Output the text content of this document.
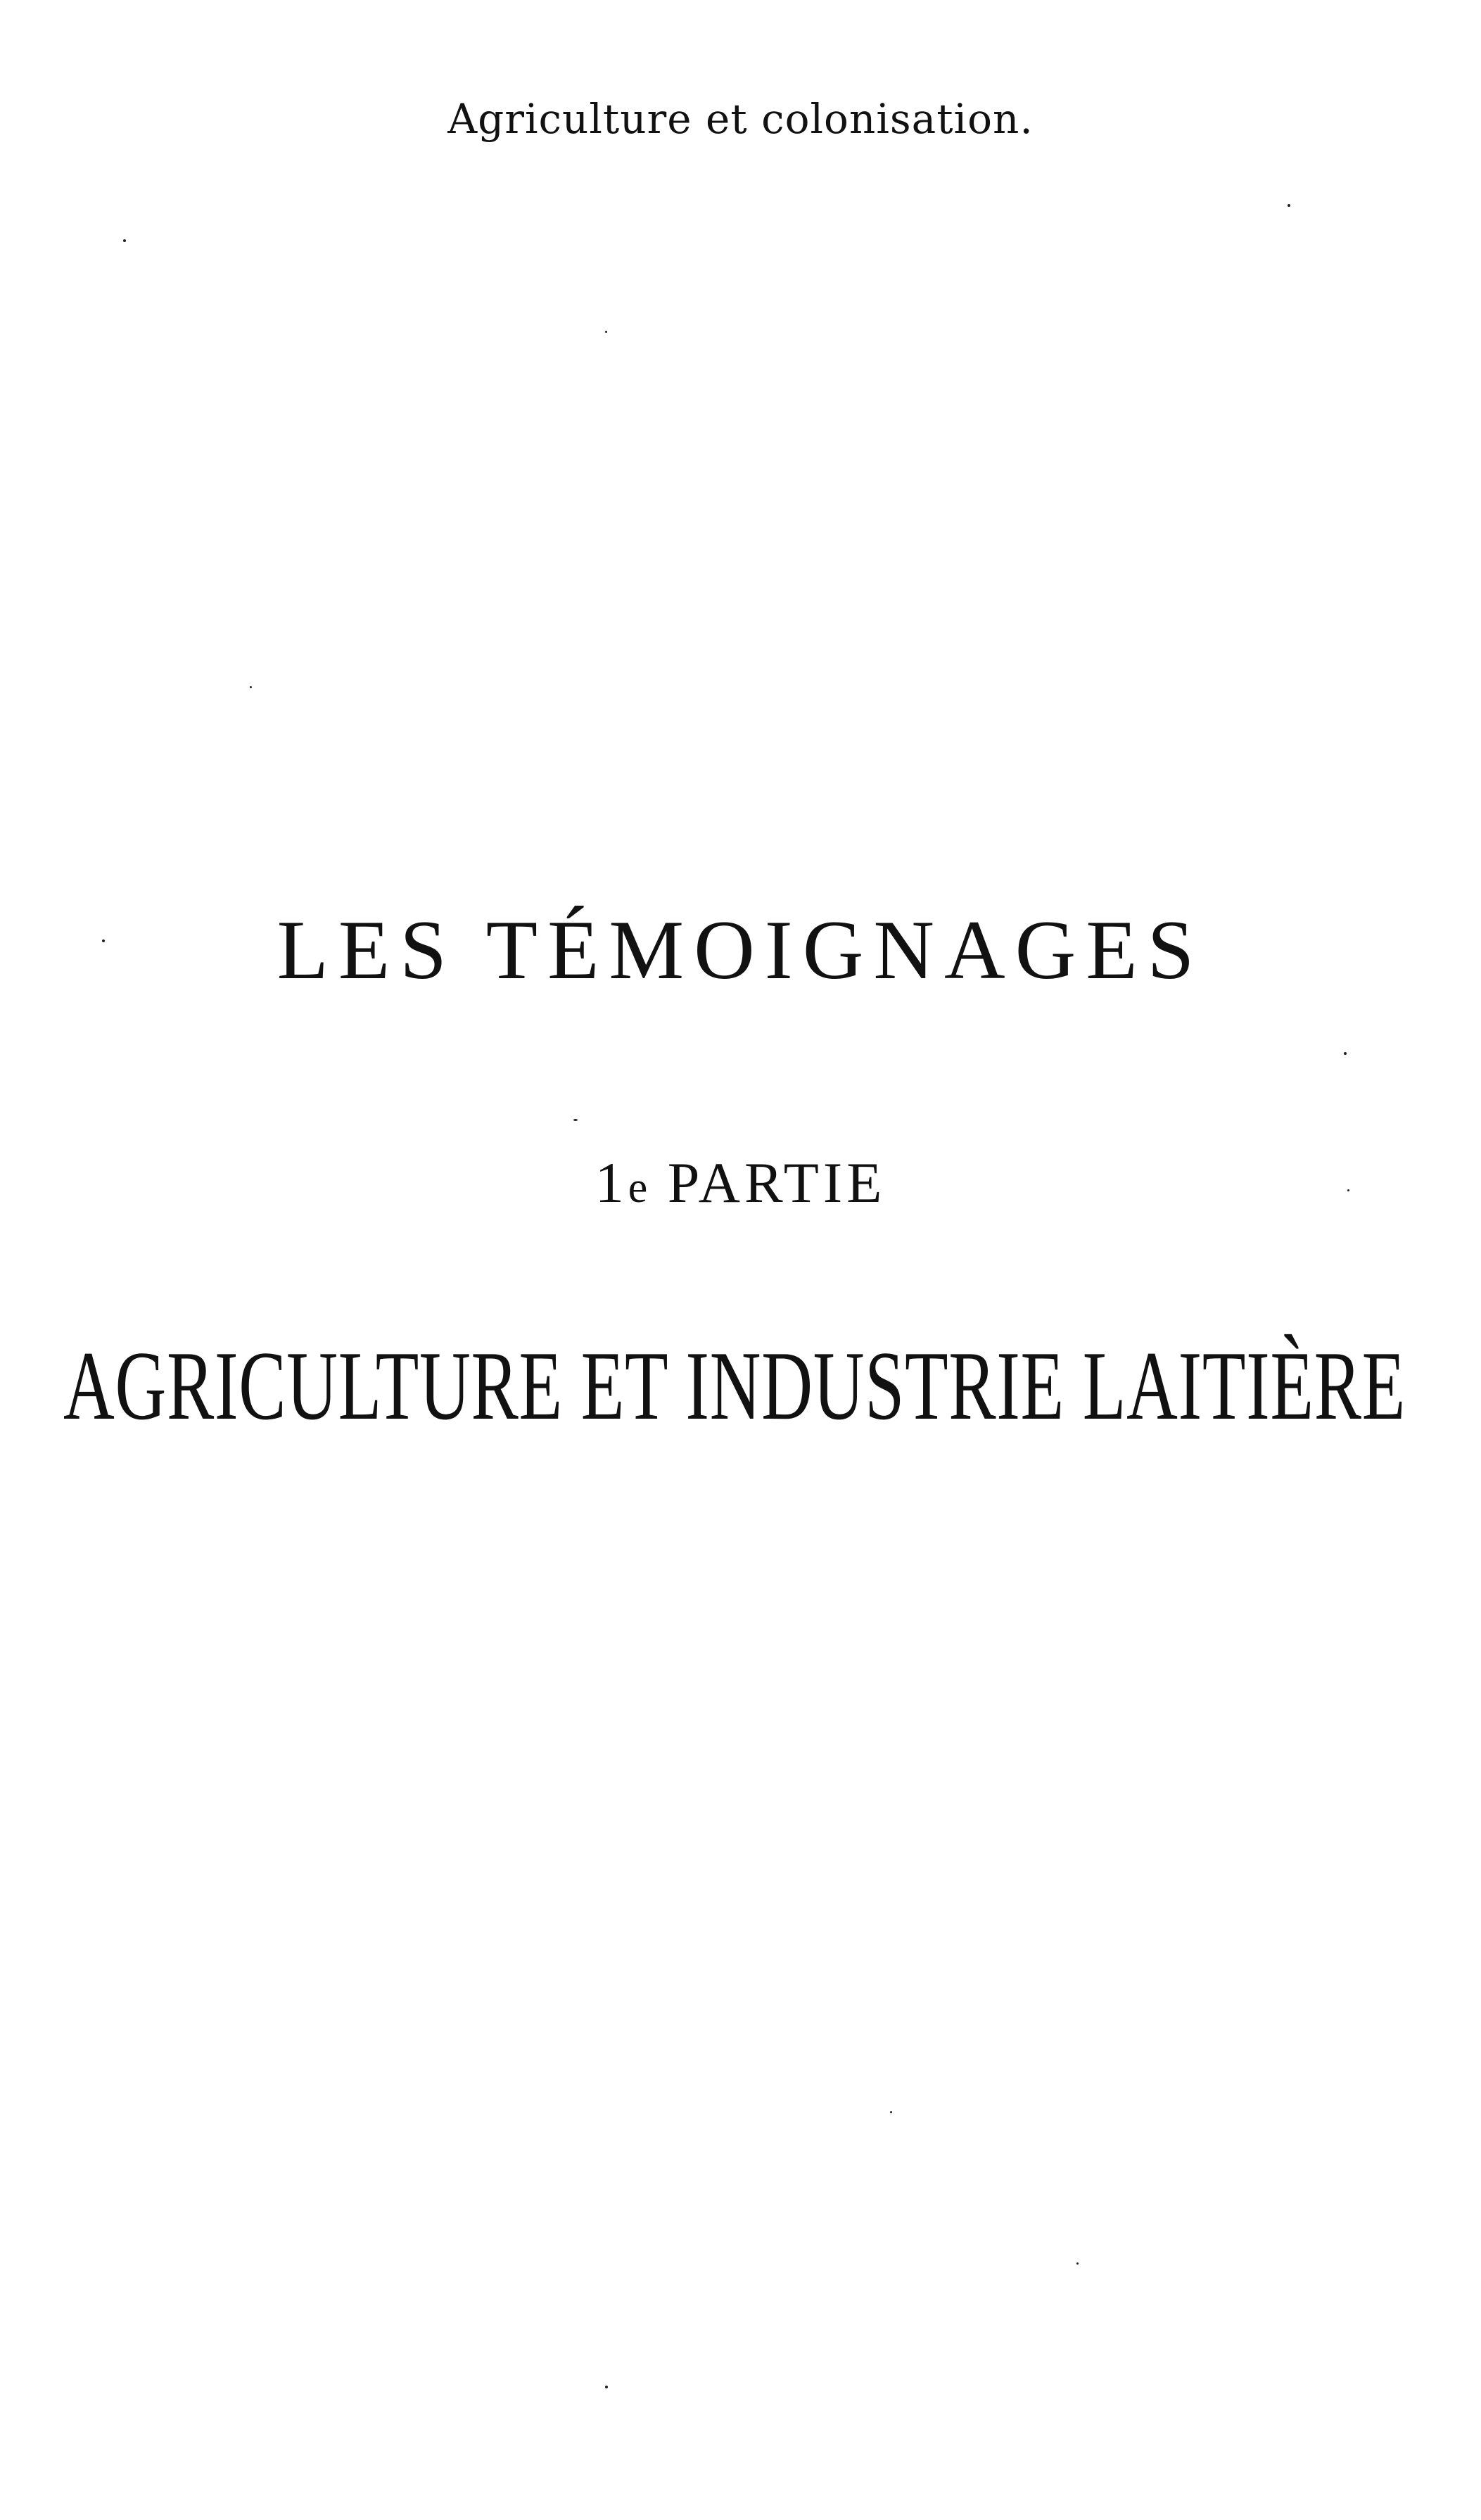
Agriculture et colonisation.
LES TÉMOIGNAGES
1e PARTIE
AGRICULTURE ET INDUSTRIE LAITIÈRE
